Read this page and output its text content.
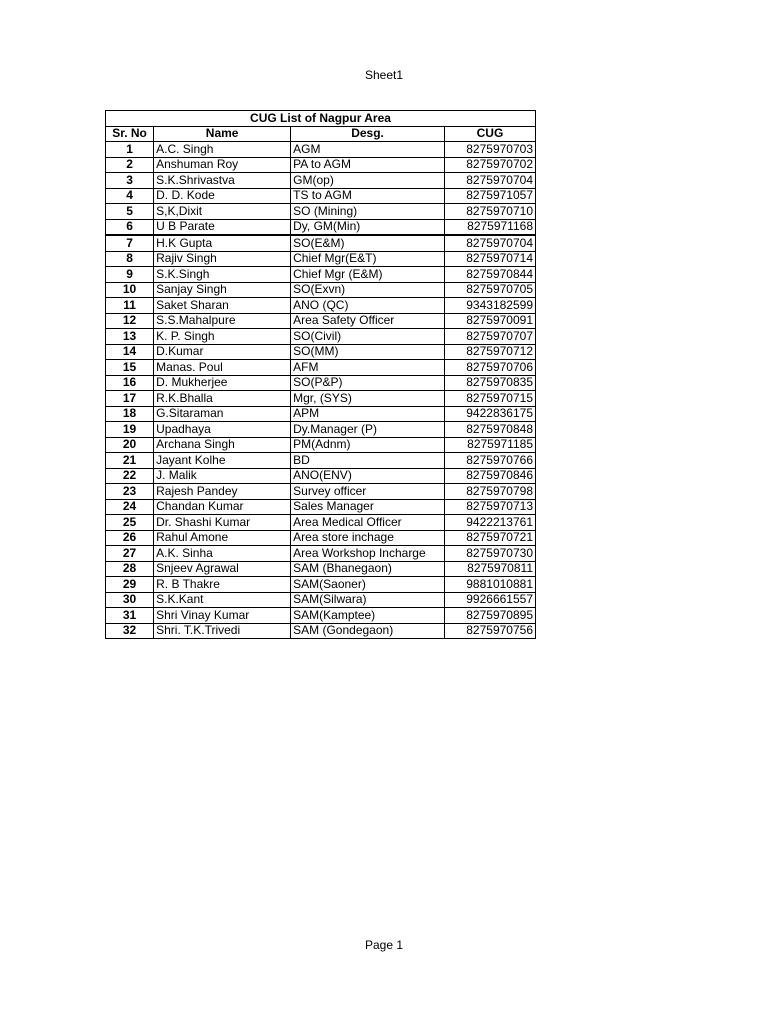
Sheet1
CUG List of Nagpur Area			
Sr. No	Name	Desg.	CUG
1	A.C. Singh	AGM	8275970703
2	Anshuman Roy	PA to AGM	8275970702
3	S.K.Shrivastva	GM(op)	8275970704
4	D. D. Kode	TS to AGM	8275971057
5	S,K,Dixit	SO (Mining)	8275970710
6	U B Parate	Dy, GM(Min)	8275971168
7	H.K Gupta	SO(E&M)	8275970704
8	Rajiv Singh	Chief Mgr(E&T)	8275970714
9	S.K.Singh	Chief Mgr (E&M)	8275970844
10	Sanjay Singh	SO(Exvn)	8275970705
11	Saket Sharan	ANO (QC)	9343182599
12	S.S.Mahalpure	Area Safety Officer	8275970091
13	K. P. Singh	SO(Civil)	8275970707
14	D.Kumar	SO(MM)	8275970712
15	Manas. Poul	AFM	8275970706
16	D. Mukherjee	SO(P&P)	8275970835
17	R.K.Bhalla	Mgr, (SYS)	8275970715
18	G.Sitaraman	APM	9422836175
19	Upadhaya	Dy.Manager (P)	8275970848
20	Archana Singh	PM(Adnm)	8275971185
21	Jayant Kolhe	BD	8275970766
22	J. Malik	ANO(ENV)	8275970846
23	Rajesh Pandey	Survey officer	8275970798
24	Chandan Kumar	Sales Manager	8275970713
25	Dr. Shashi Kumar	Area Medical Officer	9422213761
26	Rahul Amone	Area store inchage	8275970721
27	A.K. Sinha	Area Workshop Incharge	8275970730
28	Snjeev Agrawal	SAM (Bhanegaon)	8275970811
29	R. B Thakre	SAM(Saoner)	9881010881
30	S.K.Kant	SAM(Silwara)	9926661557
31	Shri Vinay Kumar	SAM(Kamptee)	8275970895
32	Shri. T.K.Trivedi	SAM (Gondegaon)	8275970756
Page 1
